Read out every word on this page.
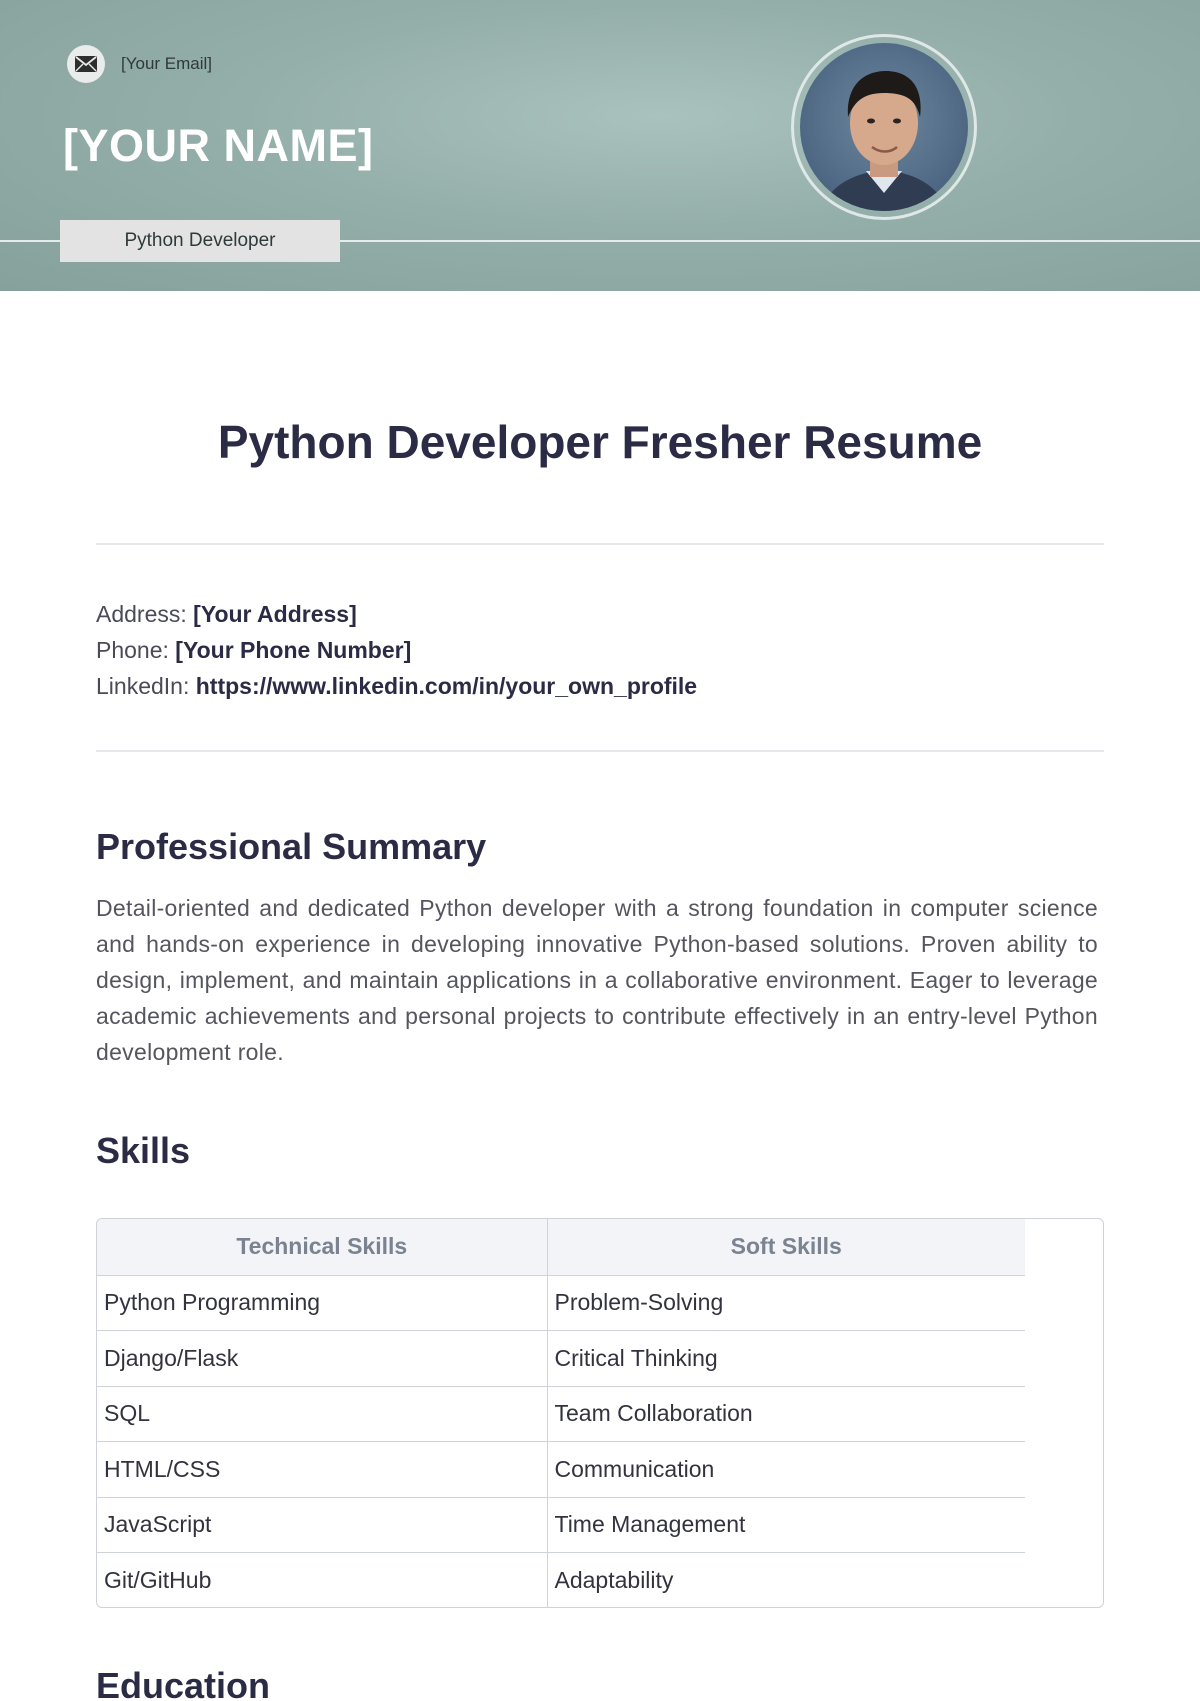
[Your Email]
[YOUR NAME]
Python Developer
Python Developer Fresher Resume
Address: [Your Address]
Phone: [Your Phone Number]
LinkedIn: https://www.linkedin.com/in/your_own_profile
Professional Summary

Detail-oriented and dedicated Python developer with a strong foundation in computer science and hands-on experience in developing innovative Python-based solutions. Proven ability to design, implement, and maintain applications in a collaborative environment. Eager to leverage academic achievements and personal projects to contribute effectively in an entry-level Python development role.

Skills
Technical Skills	Soft Skills
Python Programming	Problem-Solving
Django/Flask	Critical Thinking
SQL	Team Collaboration
HTML/CSS	Communication
JavaScript	Time Management
Git/GitHub	Adaptability
Education
